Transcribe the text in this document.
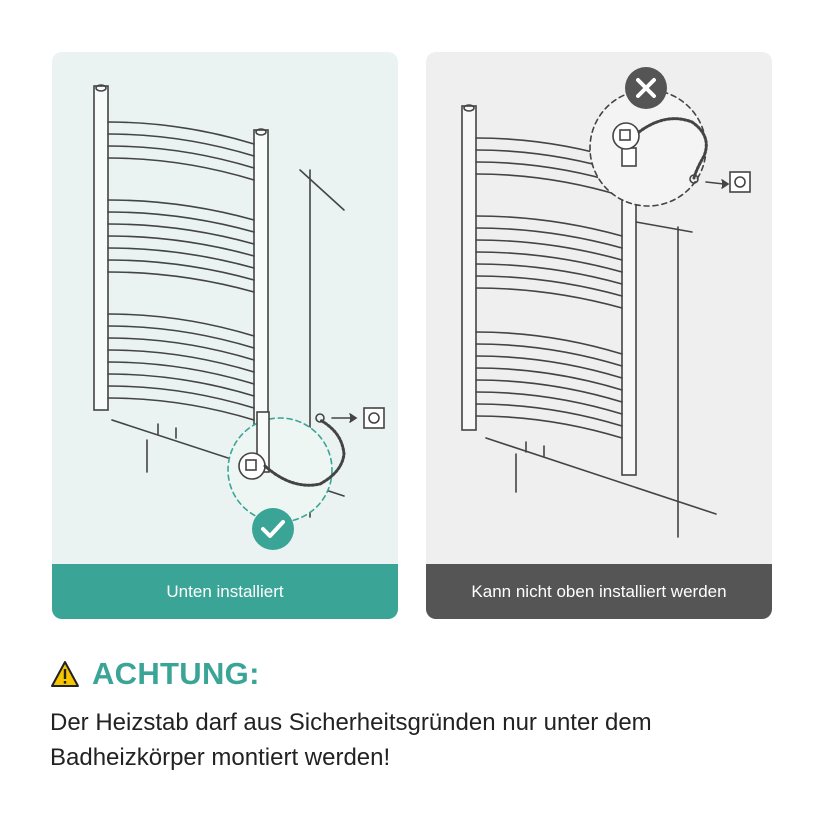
Unten installiert	Kann nicht oben installiert werden
ACHTUNG:
Der Heizstab darf aus Sicherheitsgründen nur unter dem
Badheizkörper montiert werden!
